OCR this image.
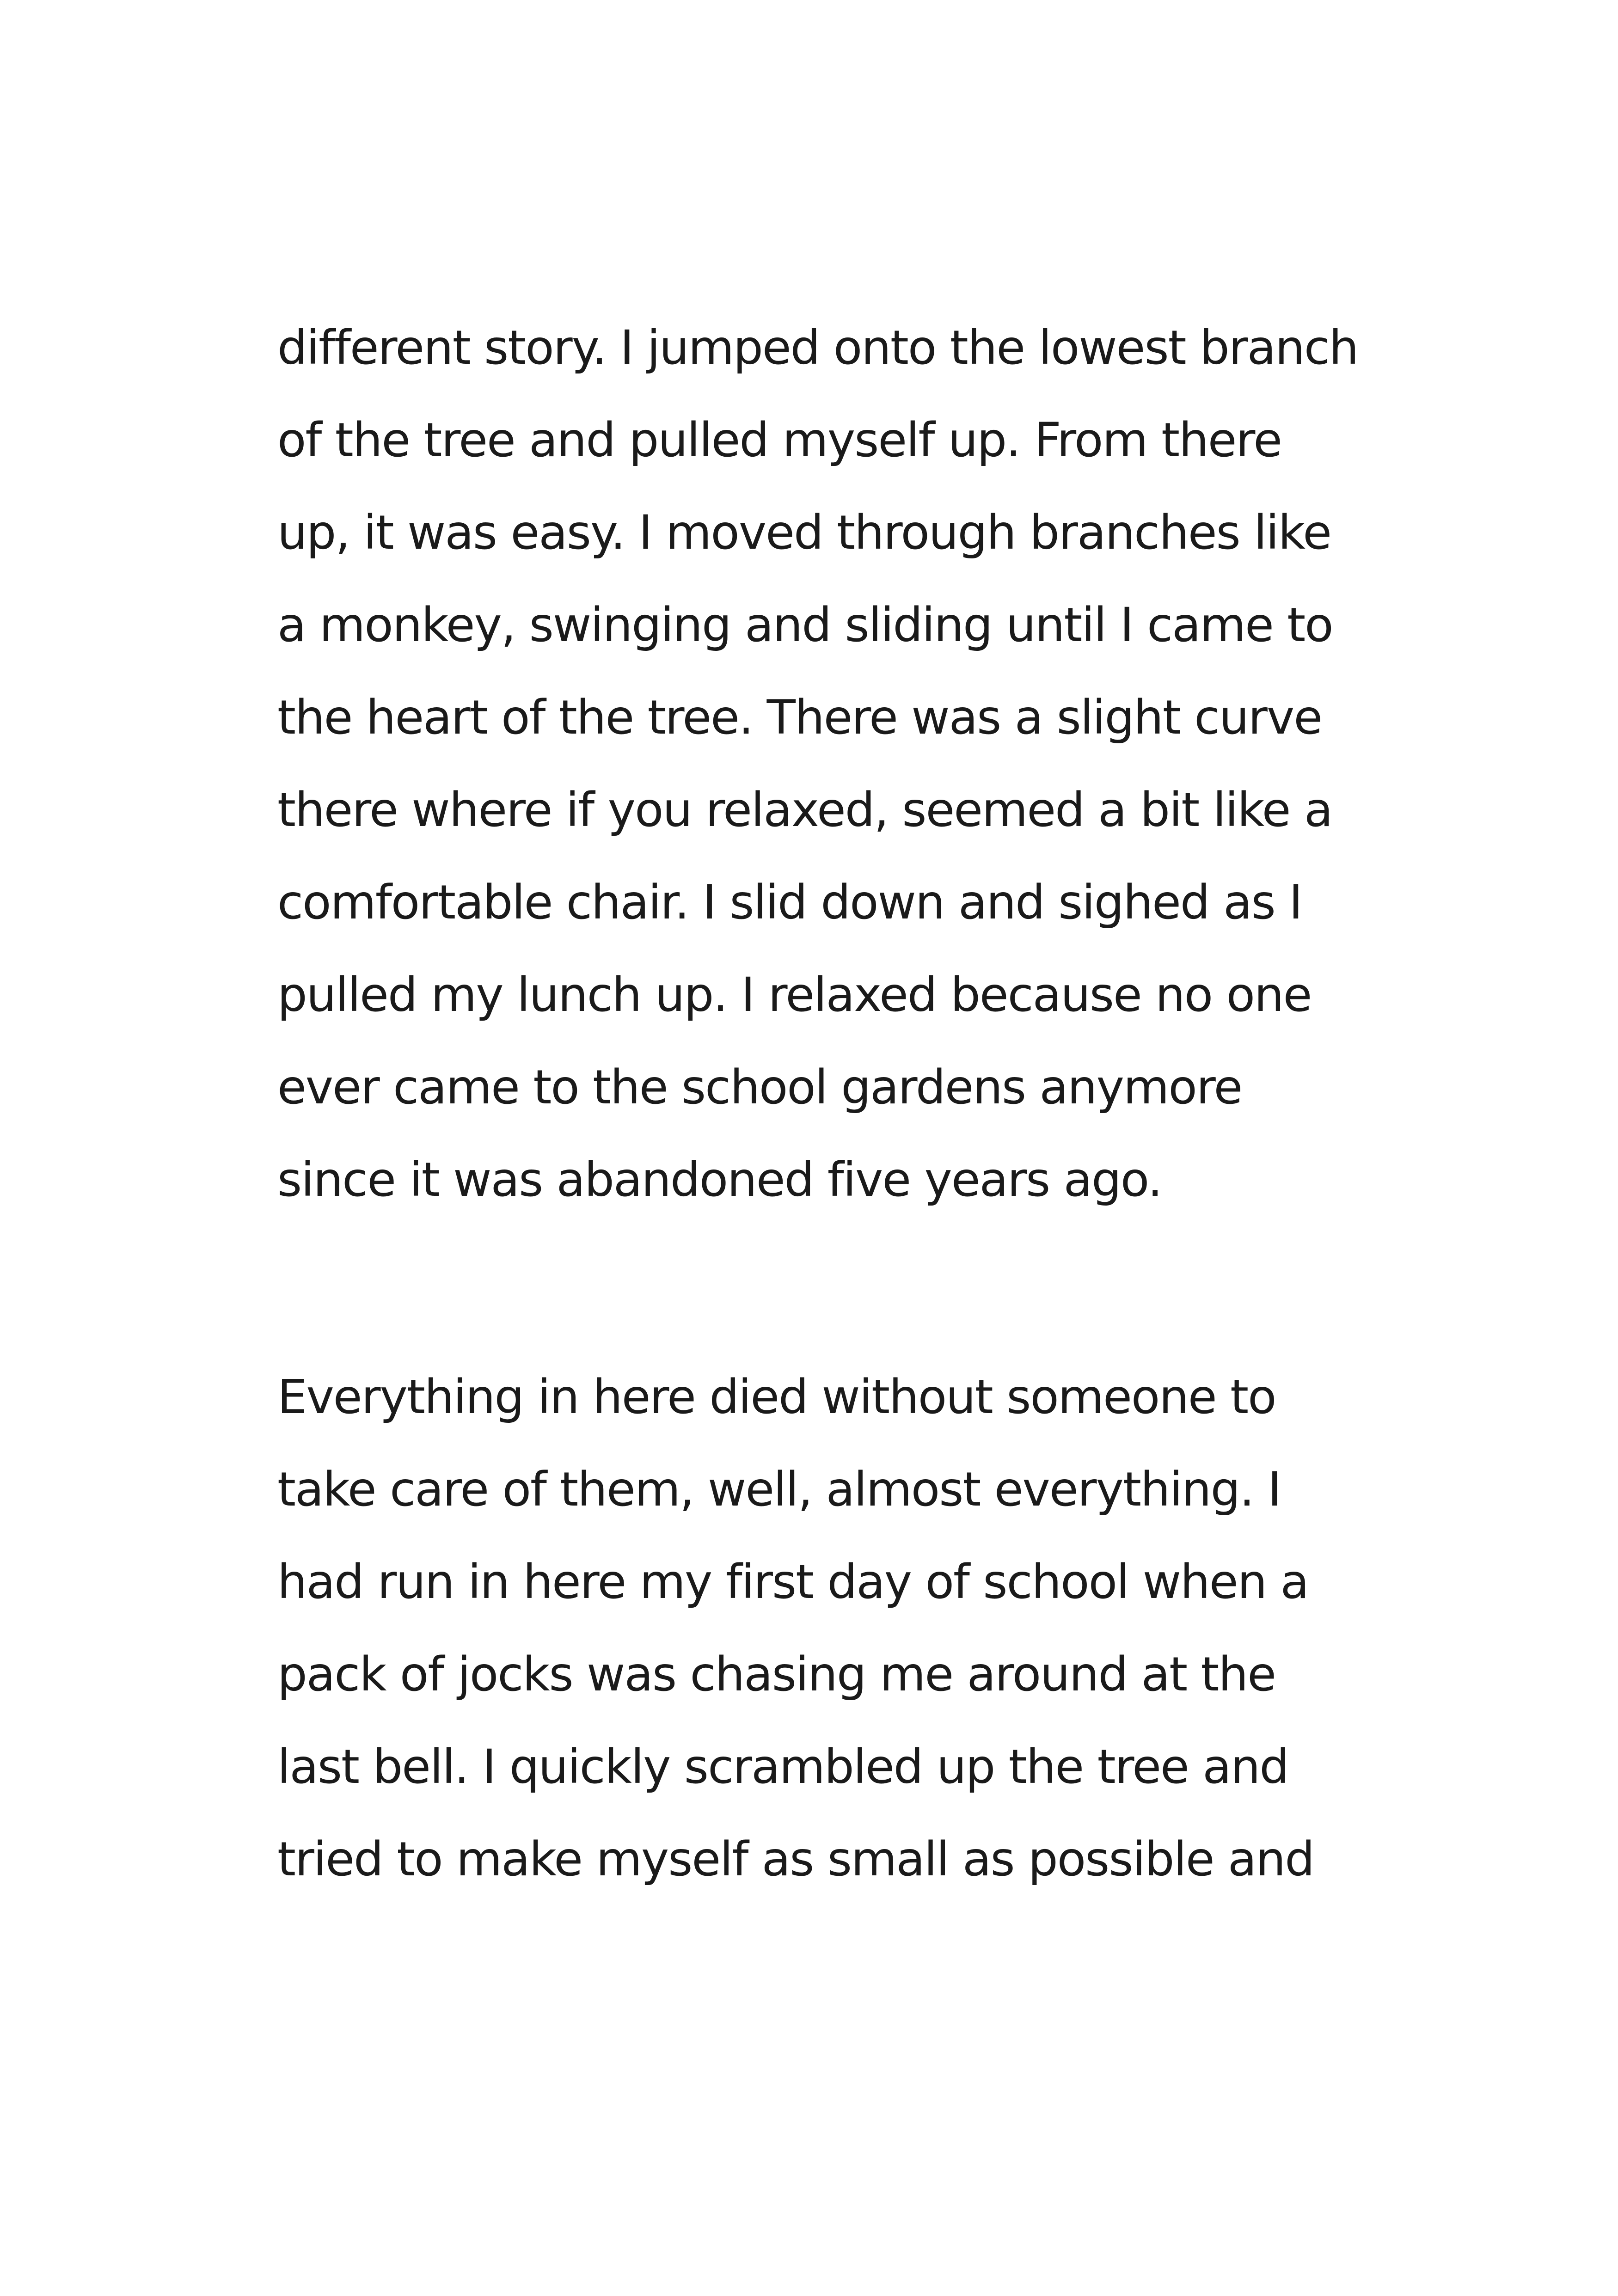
different story. I jumped onto the lowest branch
of the tree and pulled myself up. From there
up, it was easy. I moved through branches like
a monkey, swinging and sliding until I came to
the heart of the tree. There was a slight curve
there where if you relaxed, seemed a bit like a
comfortable chair. I slid down and sighed as I
pulled my lunch up. I relaxed because no one
ever came to the school gardens anymore
since it was abandoned five years ago.

Everything in here died without someone to
take care of them, well, almost everything. I
had run in here my first day of school when a
pack of jocks was chasing me around at the
last bell. I quickly scrambled up the tree and
tried to make myself as small as possible and
